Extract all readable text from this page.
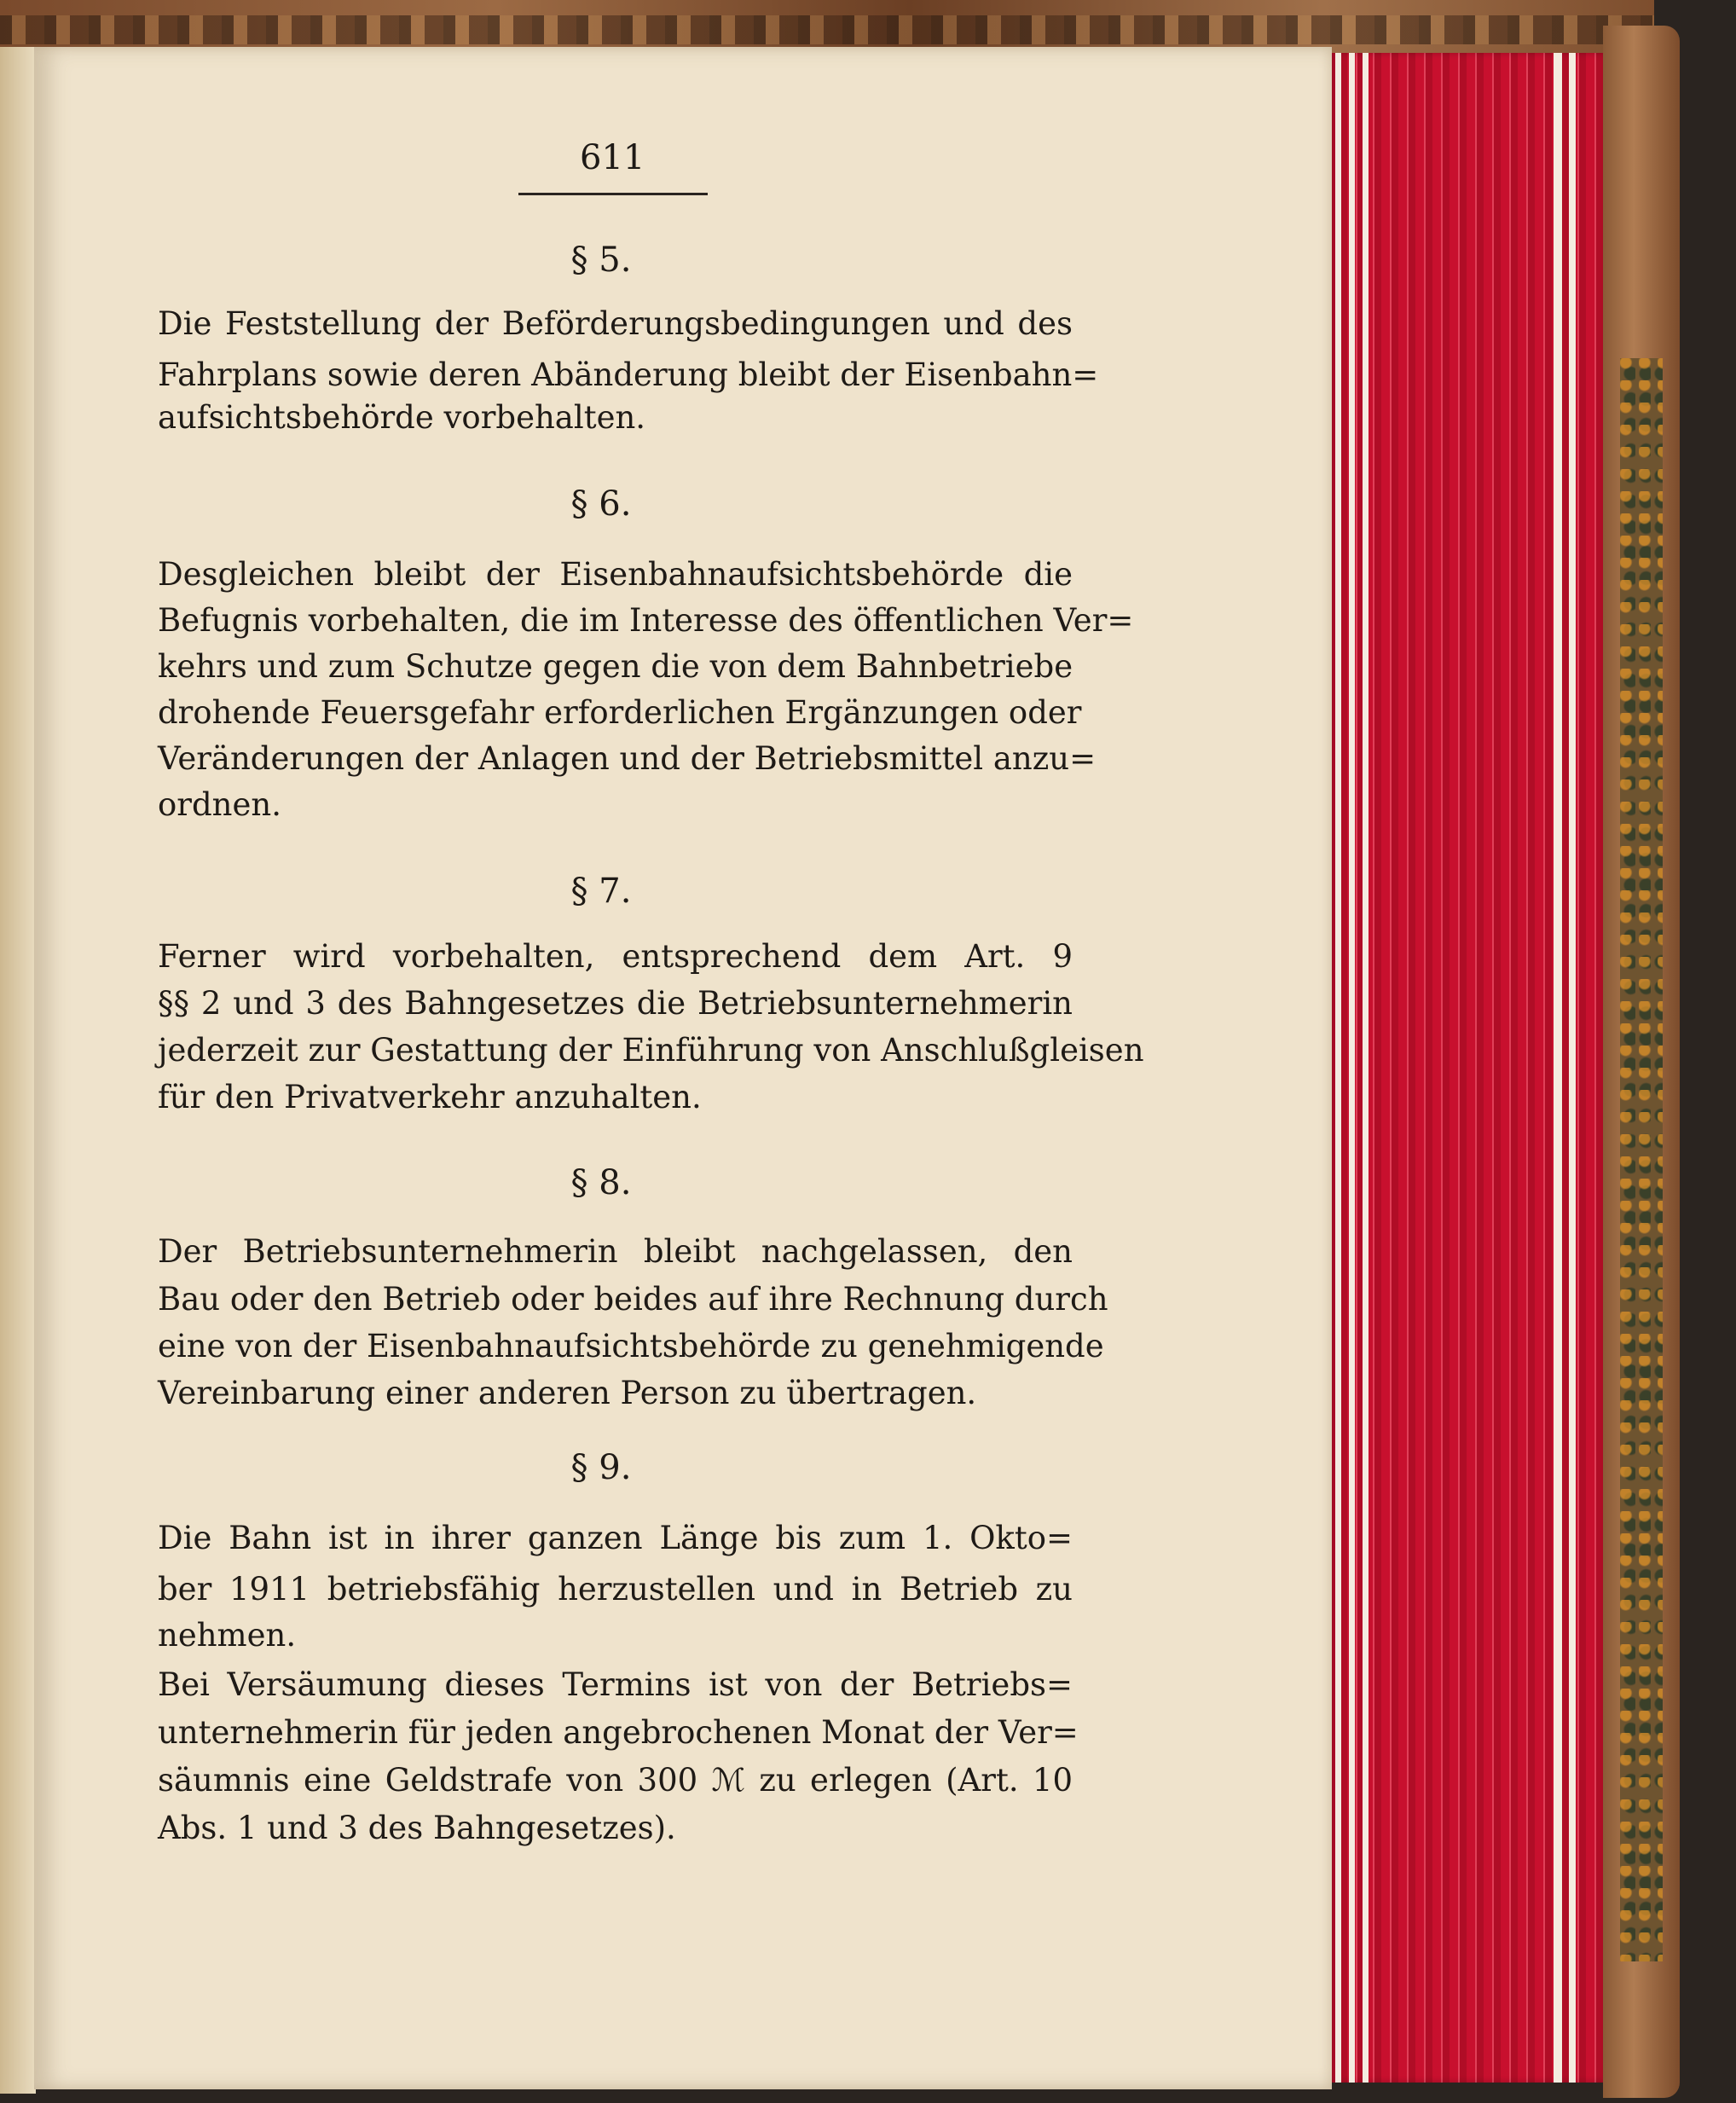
611
§ 5.
Die Feststellung der Beförderungsbedingungen und des
Fahrplans sowie deren Abänderung bleibt der Eisenbahn=
aufsichtsbehörde vorbehalten.
§ 6.
Desgleichen bleibt der Eisenbahnaufsichtsbehörde die
Befugnis vorbehalten, die im Interesse des öffentlichen Ver=
kehrs und zum Schutze gegen die von dem Bahnbetriebe
drohende Feuersgefahr erforderlichen Ergänzungen oder
Veränderungen der Anlagen und der Betriebsmittel anzu=
ordnen.
§ 7.
Ferner wird vorbehalten, entsprechend dem Art. 9
§§ 2 und 3 des Bahngesetzes die Betriebsunternehmerin
jederzeit zur Gestattung der Einführung von Anschlußgleisen
für den Privatverkehr anzuhalten.
§ 8.
Der Betriebsunternehmerin bleibt nachgelassen, den
Bau oder den Betrieb oder beides auf ihre Rechnung durch
eine von der Eisenbahnaufsichtsbehörde zu genehmigende
Vereinbarung einer anderen Person zu übertragen.
§ 9.
Die Bahn ist in ihrer ganzen Länge bis zum 1. Okto=
ber 1911 betriebsfähig herzustellen und in Betrieb zu
nehmen.
Bei Versäumung dieses Termins ist von der Betriebs=
unternehmerin für jeden angebrochenen Monat der Ver=
säumnis eine Geldstrafe von 300 ℳ zu erlegen (Art. 10
Abs. 1 und 3 des Bahngesetzes).
